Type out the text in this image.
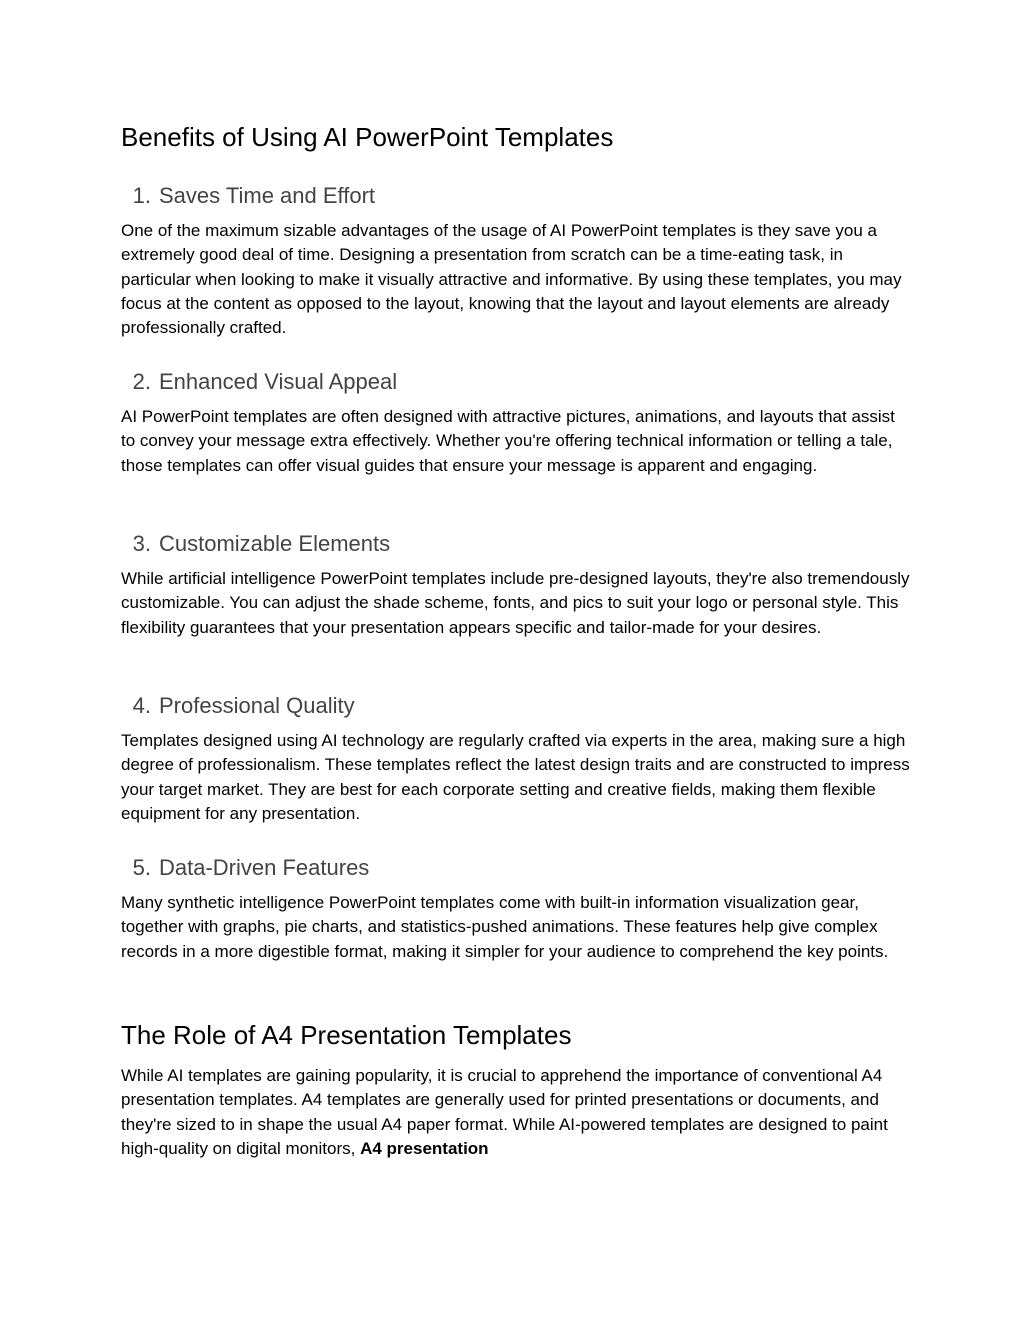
Benefits of Using AI PowerPoint Templates
1. Saves Time and Effort

One of the maximum sizable advantages of the usage of AI PowerPoint templates is they save you a extremely good deal of time. Designing a presentation from scratch can be a time-eating task, in particular when looking to make it visually attractive and informative. By using these templates, you may focus at the content as opposed to the layout, knowing that the layout and layout elements are already professionally crafted.

2. Enhanced Visual Appeal

AI PowerPoint templates are often designed with attractive pictures, animations, and layouts that assist to convey your message extra effectively. Whether you're offering technical information or telling a tale, those templates can offer visual guides that ensure your message is apparent and engaging.

3. Customizable Elements

While artificial intelligence PowerPoint templates include pre-designed layouts, they're also tremendously customizable. You can adjust the shade scheme, fonts, and pics to suit your logo or personal style. This flexibility guarantees that your presentation appears specific and tailor-made for your desires.

4. Professional Quality

Templates designed using AI technology are regularly crafted via experts in the area, making sure a high degree of professionalism. These templates reflect the latest design traits and are constructed to impress your target market. They are best for each corporate setting and creative fields, making them flexible equipment for any presentation.

5. Data-Driven Features

Many synthetic intelligence PowerPoint templates come with built-in information visualization gear, together with graphs, pie charts, and statistics-pushed animations. These features help give complex records in a more digestible format, making it simpler for your audience to comprehend the key points.

The Role of A4 Presentation Templates

While AI templates are gaining popularity, it is crucial to apprehend the importance of conventional A4 presentation templates. A4 templates are generally used for printed presentations or documents, and they're sized to in shape the usual A4 paper format. While AI-powered templates are designed to paint high-quality on digital monitors, A4 presentation
